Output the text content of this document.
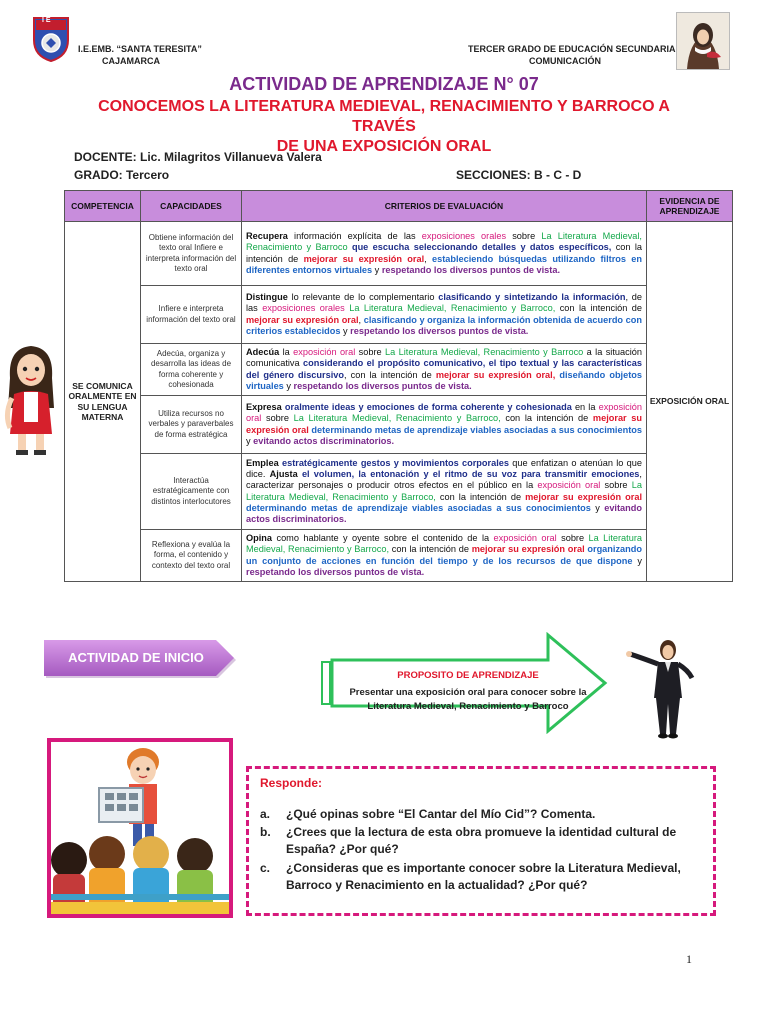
I E
I.E.EMB. “SANTA TERESITA”
CAJAMARCA
TERCER GRADO DE EDUCACIÓN SECUNDARIA
COMUNICACIÓN
ACTIVIDAD DE APRENDIZAJE N° 07
CONOCEMOS LA LITERATURA MEDIEVAL, RENACIMIENTO Y BARROCO A TRAVÉS
DE UNA EXPOSICIÓN ORAL
DOCENTE: Lic. Milagritos Villanueva Valera
GRADO: Tercero	SECCIONES: B - C - D
COMPETENCIA	CAPACIDADES	CRITERIOS DE EVALUACIÓN	EVIDENCIA DE APRENDIZAJE
SE COMUNICA ORALMENTE EN SU LENGUA MATERNA	Obtiene información del texto oral Infiere e interpreta información del texto oral	Recupera información explícita de las exposiciones orales sobre La Literatura Medieval, Renacimiento y Barroco que escucha seleccionando detalles y datos específicos, con la intención de mejorar su expresión oral, estableciendo búsquedas utilizando filtros en diferentes entornos virtuales y respetando los diversos puntos de vista.	EXPOSICIÓN ORAL
	Infiere e interpreta información del texto oral	Distingue lo relevante de lo complementario clasificando y sintetizando la información, de las exposiciones orales La Literatura Medieval, Renacimiento y Barroco, con la intención de mejorar su expresión oral, clasificando y organiza la información obtenida de acuerdo con criterios establecidos y respetando los diversos puntos de vista.	
	Adecúa, organiza y desarrolla las ideas de forma coherente y cohesionada	Adecúa la exposición oral sobre La Literatura Medieval, Renacimiento y Barroco a la situación comunicativa considerando el propósito comunicativo, el tipo textual y las características del género discursivo, con la intención de mejorar su expresión oral, diseñando objetos virtuales y respetando los diversos puntos de vista.	
	Utiliza recursos no verbales y paraverbales de forma estratégica	Expresa oralmente ideas y emociones de forma coherente y cohesionada en la exposición oral sobre La Literatura Medieval, Renacimiento y Barroco, con la intención de mejorar su expresión oral determinando metas de aprendizaje viables asociadas a sus conocimientos y evitando actos discriminatorios.	
	Interactúa estratégicamente con distintos interlocutores	Emplea estratégicamente gestos y movimientos corporales que enfatizan o atenúan lo que dice. Ajusta el volumen, la entonación y el ritmo de su voz para transmitir emociones, caracterizar personajes o producir otros efectos en el público en la exposición oral sobre La Literatura Medieval, Renacimiento y Barroco, con la intención de mejorar su expresión oral determinando metas de aprendizaje viables asociadas a sus conocimientos y evitando actos discriminatorios.	
	Reflexiona y evalúa la forma, el contenido y contexto del texto oral	Opina como hablante y oyente sobre el contenido de la exposición oral sobre La Literatura Medieval, Renacimiento y Barroco, con la intención de mejorar su expresión oral organizando un conjunto de acciones en función del tiempo y de los recursos de que dispone y respetando los diversos puntos de vista.	
ACTIVIDAD DE INICIO
PROPOSITO DE APRENDIZAJE
Presentar una exposición oral para conocer sobre la Literatura Medieval, Renacimiento y Barroco
Responde:
a. ¿Qué opinas sobre “El Cantar del Mío Cid”? Comenta.
b. ¿Crees que la lectura de esta obra promueve la identidad cultural de España? ¿Por qué?
c. ¿Consideras que es importante conocer sobre la Literatura Medieval, Barroco y Renacimiento en la actualidad? ¿Por qué?
1
